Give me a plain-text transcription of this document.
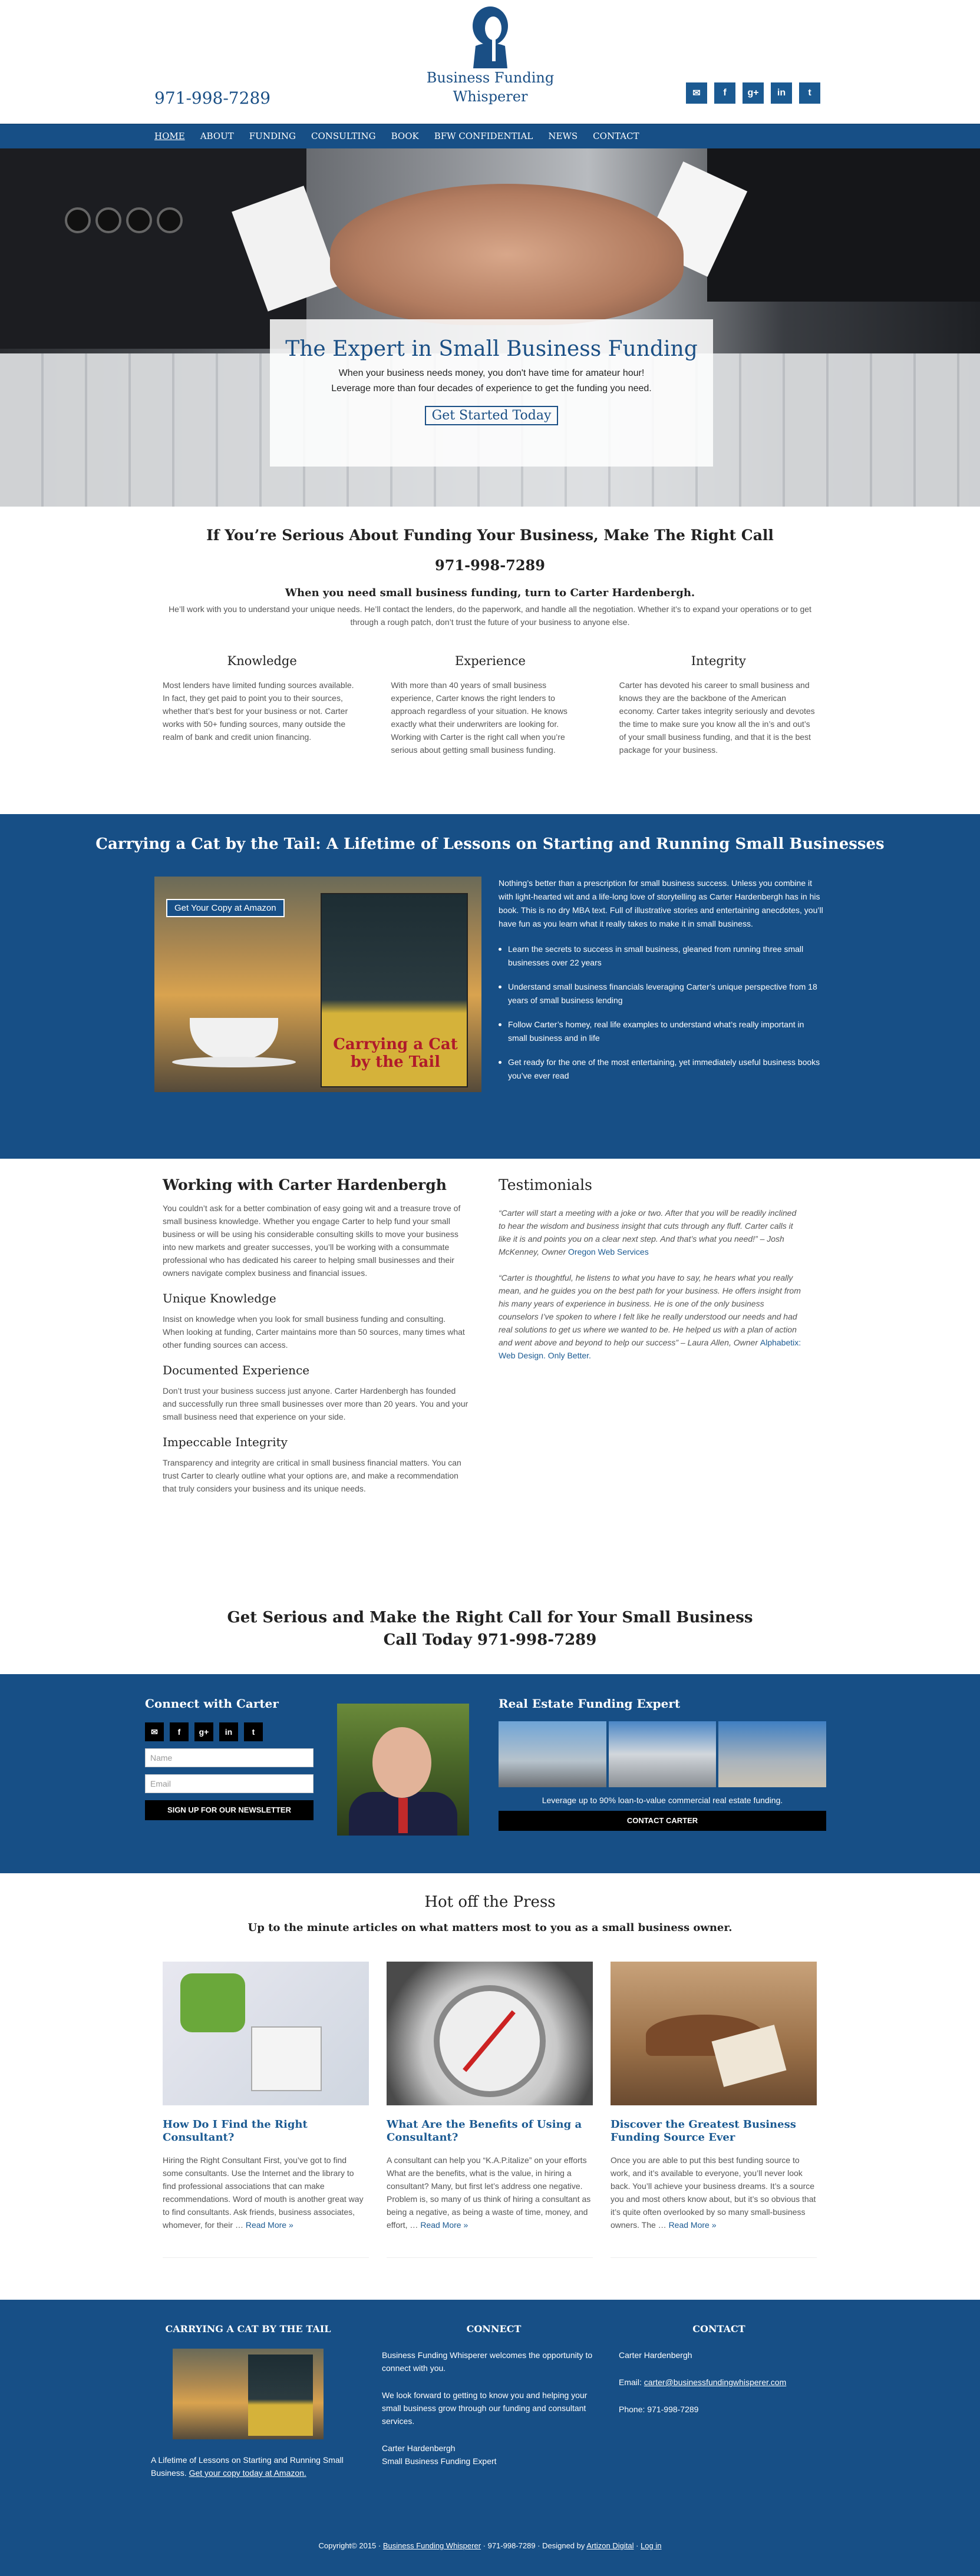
Business Funding
Whisperer
971-998-7289	✉	f	g+	in	t
HOME ABOUT FUNDING CONSULTING BOOK BFW CONFIDENTIAL NEWS CONTACT
The Expert in Small Business Funding

When your business needs money, you don't have time for amateur hour!

Leverage more than four decades of experience to get the funding you need.

Get Started Today
If You’re Serious About Funding Your Business, Make The Right Call
971-998-7289
When you need small business funding, turn to Carter Hardenbergh.

He’ll work with you to understand your unique needs. He’ll contact the lenders, do the paperwork, and handle all the negotiation. Whether it’s to expand your operations or to get through a rough patch, don’t trust the future of your business to anyone else.

Knowledge

Most lenders have limited funding sources available. In fact, they get paid to point you to their sources, whether that’s best for your business or not. Carter works with 50+ funding sources, many outside the realm of bank and credit union financing.

Experience

With more than 40 years of small business experience, Carter knows the right lenders to approach regardless of your situation. He knows exactly what their underwriters are looking for. Working with Carter is the right call when you’re serious about getting small business funding.

Integrity

Carter has devoted his career to small business and knows they are the backbone of the American economy. Carter takes integrity seriously and devotes the time to make sure you know all the in’s and out’s of your small business funding, and that it is the best package for your business.

Carrying a Cat by the Tail: A Lifetime of Lessons on Starting and Running Small Businesses
Carrying a Cat by the Tail
Get Your Copy at Amazon

Nothing’s better than a prescription for small business success. Unless you combine it with light-hearted wit and a life-long love of storytelling as Carter Hardenbergh has in his book. This is no dry MBA text. Full of illustrative stories and entertaining anecdotes, you’ll have fun as you learn what it really takes to make it in small business.

Learn the secrets to success in small business, gleaned from running three small businesses over 22 years
Understand small business financials leveraging Carter’s unique perspective from 18 years of small business lending
Follow Carter’s homey, real life examples to understand what’s really important in small business and in life
Get ready for the one of the most entertaining, yet immediately useful business books you’ve ever read
Working with Carter Hardenbergh

You couldn’t ask for a better combination of easy going wit and a treasure trove of small business knowledge. Whether you engage Carter to help fund your small business or will be using his considerable consulting skills to move your business into new markets and greater successes, you’ll be working with a consummate professional who has dedicated his career to helping small businesses and their owners navigate complex business and financial issues.

Unique Knowledge

Insist on knowledge when you look for small business funding and consulting. When looking at funding, Carter maintains more than 50 sources, many times what other funding sources can access.

Documented Experience

Don’t trust your business success just anyone. Carter Hardenbergh has founded and successfully run three small businesses over more than 20 years. You and your small business need that experience on your side.

Impeccable Integrity

Transparency and integrity are critical in small business financial matters. You can trust Carter to clearly outline what your options are, and make a recommendation that truly considers your business and its unique needs.

Testimonials

“Carter will start a meeting with a joke or two. After that you will be readily inclined to hear the wisdom and business insight that cuts through any fluff. Carter calls it like it is and points you on a clear next step. And that’s what you need!” – Josh McKenney, Owner Oregon Web Services

“Carter is thoughtful, he listens to what you have to say, he hears what you really mean, and he guides you on the best path for your business. He offers insight from his many years of experience in business. He is one of the only business counselors I’ve spoken to where I felt like he really understood our needs and had real solutions to get us where we wanted to be. He helped us with a plan of action and went above and beyond to help our success” – Laura Allen, Owner Alphabetix: Web Design. Only Better.

Get Serious and Make the Right Call for Your Small Business
Call Today 971-998-7289
Connect with Carter
✉	f	g+	in	t
Name
Email
SIGN UP FOR OUR NEWSLETTER
Real Estate Funding Expert
Leverage up to 90% loan-to-value commercial real estate funding.
CONTACT CARTER
Hot off the Press
Up to the minute articles on what matters most to you as a small business owner.
How Do I Find the Right Consultant?

Hiring the Right Consultant First, you’ve got to find some consultants. Use the Internet and the library to find professional associations that can make recommendations. Word of mouth is another great way to find consultants. Ask friends, business associates, whomever, for their … Read More »

What Are the Benefits of Using a Consultant?

A consultant can help you “K.A.P.italize” on your efforts What are the benefits, what is the value, in hiring a consultant? Many, but first let’s address one negative. Problem is, so many of us think of hiring a consultant as being a negative, as being a waste of time, money, and effort, … Read More »

Discover the Greatest Business Funding Source Ever

Once you are able to put this best funding source to work, and it’s available to everyone, you’ll never look back. You’ll achieve your business dreams. It’s a source you and most others know about, but it’s so obvious that it’s quite often overlooked by so many small-business owners. The … Read More »

CARRYING A CAT BY THE TAIL

A Lifetime of Lessons on Starting and Running Small Business. Get your copy today at Amazon.

CONNECT

Business Funding Whisperer welcomes the opportunity to connect with you.

We look forward to getting to know you and helping your small business grow through our funding and consultant services.

Carter Hardenbergh
Small Business Funding Expert

CONTACT

Carter Hardenbergh

Email: carter@businessfundingwhisperer.com

Phone: 971-998-7289

Copyright© 2015 · Business Funding Whisperer · 971-998-7289 · Designed by Artizon Digital · Log in
